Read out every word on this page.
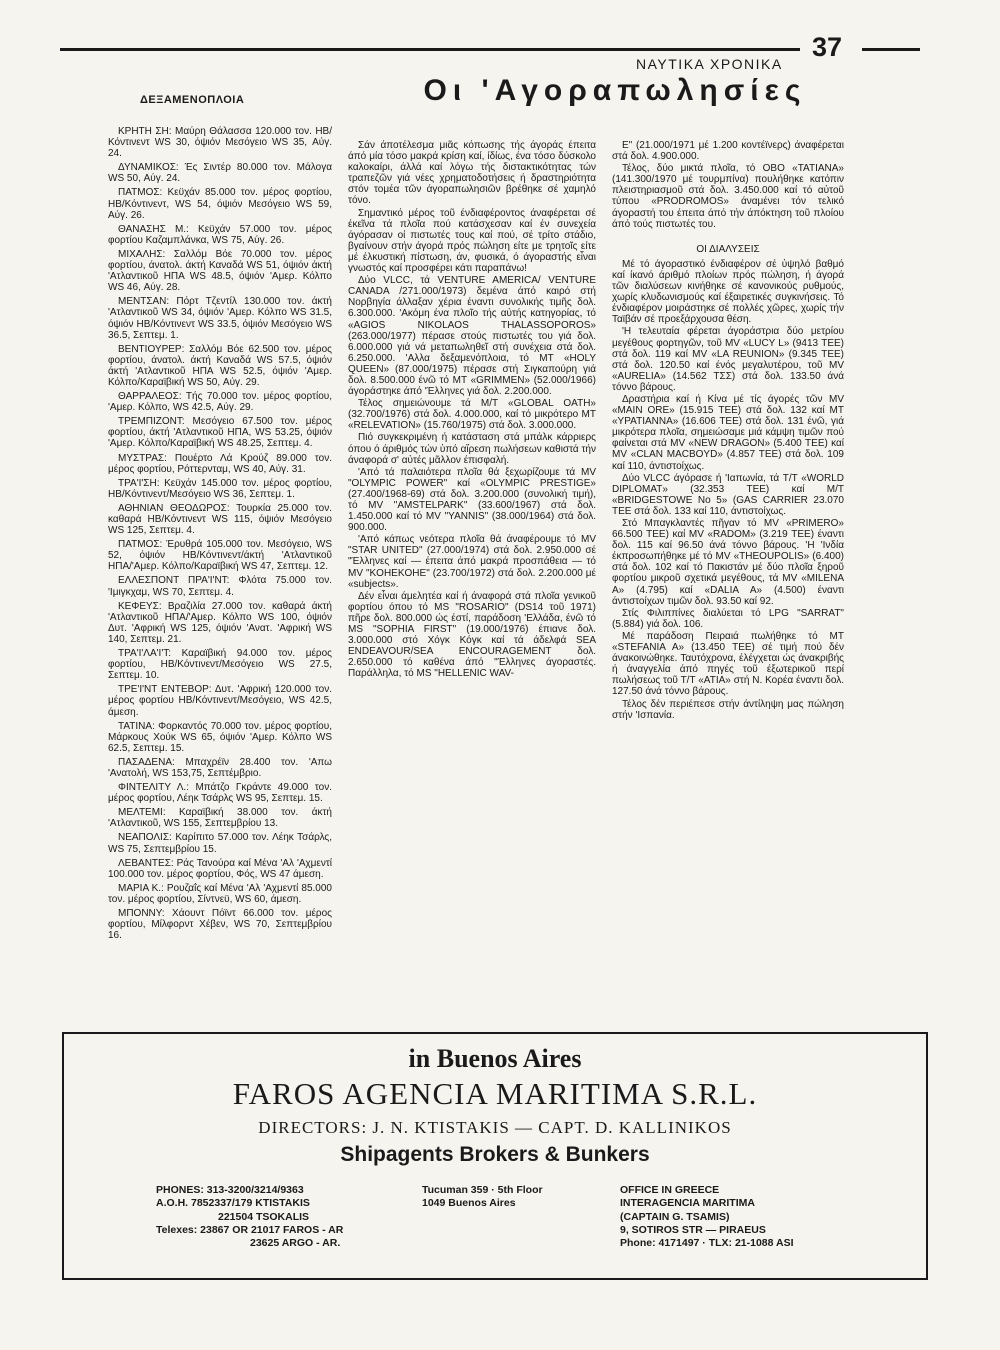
ΝΑΥΤΙΚΑ ΧΡΟΝΙΚΑ
37
ΔΕΞΑΜΕΝΟΠΛΟΙΑ	Οι 'Αγοραπωλησίες

ΚΡΗΤΗ ΣΗ: Μαύρη Θάλασσα 120.000 τον. ΗΒ/Κόντινεντ WS 30, όψιόν Μεσόγειο WS 35, Αύγ. 24.

ΔΥΝΑΜΙΚΟΣ: Ές Σιντέρ 80.000 τον. Μάλογα WS 50, Αύγ. 24.

ΠΑΤΜΟΣ: Κεϋχάν 85.000 τον. μέρος φορτίου, ΗΒ/Κόντινεντ, WS 54, όψιόν Μεσόγειο WS 59, Αύγ. 26.

ΘΑΝΑΣΗΣ Μ.: Κεϋχάν 57.000 τον. μέρος φορτίου Καζαμπλάνκα, WS 75, Αύγ. 26.

ΜΙΧΑΛΗΣ: Σαλλόμ Βόε 70.000 τον. μέρος φορτίου, άνατολ. άκτή Καναδά WS 51, όψιόν άκτή 'Ατλαντικοῦ ΗΠΑ WS 48.5, όψιόν 'Αμερ. Κόλπο WS 46, Αύγ. 28.

ΜΕΝΤΣΑΝ: Πόρτ Τζεντίλ 130.000 τον. άκτή 'Ατλαντικοῦ WS 34, όψιόν 'Αμερ. Κόλπο WS 31.5, όψιόν ΗΒ/Κόντινεντ WS 33.5, όψιόν Μεσόγειο WS 36.5, Σεπτεμ. 1.

ΒΕΝΤΙΟΥΡΕΡ: Σαλλόμ Βόε 62.500 τον. μέρος φορτίου, άνατολ. άκτή Καναδά WS 57.5, όψιόν άκτή 'Ατλαντικοῦ ΗΠΑ WS 52.5, όψιόν 'Αμερ. Κόλπο/Καραϊβική WS 50, Αύγ. 29.

ΘΑΡΡΑΛΕΟΣ: Τής 70.000 τον. μέρος φορτίου, 'Αμερ. Κόλπο, WS 42.5, Αύγ. 29.

ΤΡΕΜΠΙΖΟΝΤ: Μεσόγειο 67.500 τον. μέρος φορτίου, άκτή 'Ατλαντικοῦ ΗΠΑ, WS 53.25, όψιόν 'Αμερ. Κόλπο/Καραϊβική WS 48.25, Σεπτεμ. 4.

ΜΥΣΤΡΑΣ: Πουέρτο Λά Κρούζ 89.000 τον. μέρος φορτίου, Ρόττερνταμ, WS 40, Αύγ. 31.

ΤΡΑ'Ι'ΣΗ: Κεϋχάν 145.000 τον. μέρος φορτίου, ΗΒ/Κόντινεντ/Μεσόγειο WS 36, Σεπτεμ. 1.

ΑΘΗΝΙΑΝ ΘΕΟΔΩΡΟΣ: Τουρκία 25.000 τον. καθαρά ΗΒ/Κόντινεντ WS 115, όψιόν Μεσόγειο WS 125, Σεπτεμ. 4.

ΠΑΤΜΟΣ: Έρυθρά 105.000 τον. Μεσόγειο, WS 52, όψιόν ΗΒ/Κόντινεντ/άκτή 'Ατλαντικοῦ ΗΠΑ/'Αμερ. Κόλπο/Καραϊβική WS 47, Σεπτεμ. 12.

ΕΛΛΕΣΠΟΝΤ ΠΡΑ'Ι'ΝΤ: Φλότα 75.000 τον. 'Ιμιγκχαμ, WS 70, Σεπτεμ. 4.

ΚΕΦΕΥΣ: Βραζιλία 27.000 τον. καθαρά άκτή 'Ατλαντικοῦ ΗΠΑ/'Αμερ. Κόλπο WS 100, όψιόν Δυτ. 'Αφρική WS 125, όψιόν 'Ανατ. 'Αφρική WS 140, Σεπτεμ. 21.

ΤΡΑ'Ι'ΛΑ'Ι'Τ: Καραϊβική 94.000 τον. μέρος φορτίου, ΗΒ/Κόντινεντ/Μεσόγειο WS 27.5, Σεπτεμ. 10.

ΤΡΕ'Ι'ΝΤ ΕΝΤΕΒΟΡ: Δυτ. 'Αφρική 120.000 τον. μέρος φορτίου ΗΒ/Κόντινεντ/Μεσόγειο, WS 42.5, άμεση.

ΤΑΤΙΝΑ: Φορκαντός 70.000 τον. μέρος φορτίου, Μάρκους Χούκ WS 65, όψιόν 'Αμερ. Κόλπο WS 62.5, Σεπτεμ. 15.

ΠΑΣΑΔΕΝΑ: Μπαχρέϊν 28.400 τον. 'Απω 'Ανατολή, WS 153,75, Σεπτέμβριο.

ΦΙΝΤΕΛΙΤΥ Λ.: Μπάτζο Γκράντε 49.000 τον. μέρος φορτίου, Λέηκ Τσάρλς WS 95, Σεπτεμ. 15.

ΜΕΛΤΕΜΙ: Καραϊβική 38.000 τον. άκτή 'Ατλαντικοῦ, WS 155, Σεπτεμβρίου 13.

ΝΕΑΠΟΛΙΣ: Καρίπιτο 57.000 τον. Λέηκ Τσάρλς, WS 75, Σεπτεμβρίου 15.

ΛΕΒΑΝΤΕΣ: Ράς Τανούρα καί Μένα 'Αλ 'Αχμεντί 100.000 τον. μέρος φορτίου, Φός, WS 47 άμεση.

ΜΑΡΙΑ Κ.: Ρουζαΐς καί Μένα 'Αλ 'Αχμεντί 85.000 τον. μέρος φορτίου, Σίντνεϋ, WS 60, άμεση.

ΜΠΟΝΝΥ: Χάουντ Πόϊντ 66.000 τον. μέρος φορτίου, Μίλφορντ Χέβεν, WS 70, Σεπτεμβρίου 16.

Σάν άποτέλεσμα μιᾶς κόπωσης τής άγοράς έπειτα άπό μία τόσο μακρά κρίση καί, ίδίως, ένα τόσο δύσκολο καλοκαίρι, άλλά καί λόγω τής διστακτικότητας τών τραπεζῶν γιά νέες χρηματοδοτήσεις ή δραστηριότητα στόν τομέα τῶν άγοραπωλησιῶν βρέθηκε σέ χαμηλό τόνο.

Σημαντικό μέρος τοῦ ένδιαφέροντος άναφέρεται σέ έκεῖνα τά πλοῖα πού κατάσχεσαν καί έν συνεχεία άγόρασαν οί πιστωτές τους καί πού, σέ τρίτο στάδιο, βγαίνουν στήν άγορά πρός πώληση είτε με τρητοῖς είτε μέ έλκυστική πίστωση, άν, φυσικά, ό άγοραστής εἶναι γνωστός καί προσφέρει κάτι παραπάνω!

Δύο VLCC, τά VENTURE AMERICA/ VENTURE CANADA /271.000/1973) δεμένα άπό καιρό στή Νορβηγία άλλαξαν χέρια έναντι συνολικής τιμῆς δολ. 6.300.000. 'Ακόμη ένα πλοῖο τής αὐτής κατηγορίας, τό «AGIOS NIKOLAOS THALASSOPOROS» (263.000/1977) πέρασε στούς πιστωτές του γιά δολ. 6.000.000 γιά νά μεταπωληθεῖ στή συνέχεια στά δολ. 6.250.000. 'Αλλα δεξαμενόπλοια, τό ΜΤ «HOLY QUEEN» (87.000/1975) πέρασε στή Σιγκαπούρη γιά δολ. 8.500.000 ένῶ τό ΜΤ «GRIMMEN» (52.000/1966) άγοράστηκε άπό 'Έλληνες γιά δολ. 2.200.000.

Τέλος σημειώνουμε τά Μ/Τ «GLOBAL OATH» (32.700/1976) στά δολ. 4.000.000, καί τό μικρότερο ΜΤ «RELEVATION» (15.760/1975) στά δολ. 3.000.000.

Πιό συγκεκριμένη ή κατάσταση στά μπάλκ κάρριερς όπου ό άριθμός τών ὑπό αἵρεση πωλήσεων καθιστά τήν άναφορά σ' αὐτές μᾶλλον έπισφαλή.

'Από τά παλαιότερα πλοῖα θά ξεχωρίζουμε τά MV "OLYMPIC POWER" καί «OLYMPIC PRESTIGE» (27.400/1968-69) στά δολ. 3.200.000 (συνολική τιμή), τό MV "AMSTELPARK" (33.600/1967) στά δολ. 1.450.000 καί τό MV "YANNIS" (38.000/1964) στά δολ. 900.000.

'Από κάπως νεότερα πλοῖα θά άναφέρουμε τό MV "STAR UNITED" (27.000/1974) στά δολ. 2.950.000 σέ "Έλληνες καί — έπειτα άπό μακρά προσπάθεια — τό MV "KOHEKOHE" (23.700/1972) στά δολ. 2.200.000 μέ «subjects».

Δέν εἶναι άμελητέα καί ή άναφορά στά πλοῖα γενικοῦ φορτίου όπου τό MS "ROSARIO" (DS14 τοῦ 1971) πῆρε δολ. 800.000 ώς έστί, παράδοση 'Ελλάδα, ένῶ τό MS "SOPHIA FIRST" (19.000/1976) έπιανε δολ. 3.000.000 στό Χόγκ Κόγκ καί τά άδελφά SEA ENDEAVOUR/SEA ENCOURAGEMENT δολ. 2.650.000 τό καθένα άπό "Έλληνες άγοραστές. Παράλληλα, τό MS "HELLENIC WAV-

E" (21.000/1971 μέ 1.200 κοντέϊνερς) άναφέρεται στά δολ. 4.900.000.

Τέλος, δύο μικτά πλοῖα, τό ΟΒΟ «TATIANA» (141.300/1970 μέ τουρμπίνα) πουλήθηκε κατόπιν πλειστηριασμοῦ στά δολ. 3.450.000 καί τό αὐτοῦ τύπου «PRODROMOS» άναμένει τόν τελικό άγοραστή του έπειτα άπό τήν άπόκτηση τοῦ πλοίου άπό τούς πιστωτές του.

ΟΙ ΔΙΑΛΥΣΕΙΣ

Μέ τό άγοραστικό ένδιαφέρον σέ ὑψηλό βαθμό καί ίκανό άριθμό πλοίων πρός πώληση, ή άγορά τῶν διαλύσεων κινήθηκε σέ κανονικούς ρυθμούς, χωρίς κλυδωνισμούς καί έξαιρετικές συγκινήσεις. Τό ένδιαφέρον μοιράστηκε σέ πολλές χῶρες, χωρίς τήν Ταϊβάν σέ προεξάρχουσα θέση.

'Η τελευταία φέρεται άγοράστρια δύο μετρίου μεγέθους φορτηγῶν, τοῦ MV «LUCY L» (9413 ΤΕΕ) στά δολ. 119 καί MV «LA REUNION» (9.345 ΤΕΕ) στά δολ. 120.50 καί ένός μεγαλυτέρου, τοῦ MV «AURELIA» (14.562 ΤΣΣ) στά δολ. 133.50 άνά τόννο βάρους.

Δραστήρια καί ή Κίνα μέ τίς άγορές τῶν MV «MAIN ORE» (15.915 ΤΕΕ) στά δολ. 132 καί ΜΤ «YPATIANNA» (16.606 ΤΕΕ) στά δολ. 131 ένῶ, γιά μικρότερα πλοῖα, σημειώσαμε μιά κάμψη τιμῶν πού φαίνεται στά MV «NEW DRAGON» (5.400 ΤΕΕ) καί MV «CLAN MACBOYD» (4.857 ΤΕΕ) στά δολ. 109 καί 110, άντιστοίχως.

Δύο VLCC άγόρασε ή 'Ιαπωνία, τά Τ/Τ «WORLD DIPLOMAT» (32.353 ΤΕΕ) καί Μ/Τ «BRIDGESTOWE No 5» (GAS CARRIER 23.070 ΤΕΕ στά δολ. 133 καί 110, άντιστοίχως.

Στό Μπαγκλαντές πῆγαν τό MV «PRIMERO» 66.500 ΤΕΕ) καί MV «RADOM» (3.219 ΤΕΕ) έναντι δολ. 115 καί 96.50 άνά τόννο βάρους. 'Η 'Ινδία έκπροσωπήθηκε μέ τό MV «THEOUPOLIS» (6.400) στά δολ. 102 καί τό Πακιστάν μέ δύο πλοῖα ξηροῦ φορτίου μικροῦ σχετικά μεγέθους, τά MV «MILENA A» (4.795) καί «DALIA A» (4.500) έναντι άντιστοίχων τιμῶν δολ. 93.50 καί 92.

Στίς Φιλιππίνες διαλύεται τό LPG "SARRAT" (5.884) γιά δολ. 106.

Μέ παράδοση Πειραιά πωλήθηκε τό ΜΤ «STEFANIA A» (13.450 ΤΕΕ) σέ τιμή πού δέν άνακοινώθηκε. Ταυτόχρονα, έλέγχεται ώς άνακριβής ή άναγγελία άπό πηγές τοῦ έξωτερικοῦ περί πωλήσεως τοῦ Τ/Τ «ΑΤΙΑ» στή Ν. Κορέα έναντι δολ. 127.50 άνά τόννο βάρους.

Τέλος δέν περιέπεσε στήν άντίληψη μας πώληση στήν 'Ισπανία.

in Buenos Aires
FAROS AGENCIA MARITIMA S.R.L.
DIRECTORS: J. N. KTISTAKIS — CAPT. D. KALLINIKOS
Shipagents Brokers & Bunkers
PHONES: 313-3200/3214/9363
A.O.H. 7852337/179 KTISTAKIS
221504 TSOKALIS
Telexes: 23867 OR 21017 FAROS - AR
23625 ARGO - AR.
Tucuman 359 · 5th Floor
1049 Buenos Aires
OFFICE IN GREECE
INTERAGENCIA MARITIMA
(CAPTAIN G. TSAMIS)
9, SOTIROS STR — PIRAEUS
Phone: 4171497 · TLX: 21-1088 ASI
